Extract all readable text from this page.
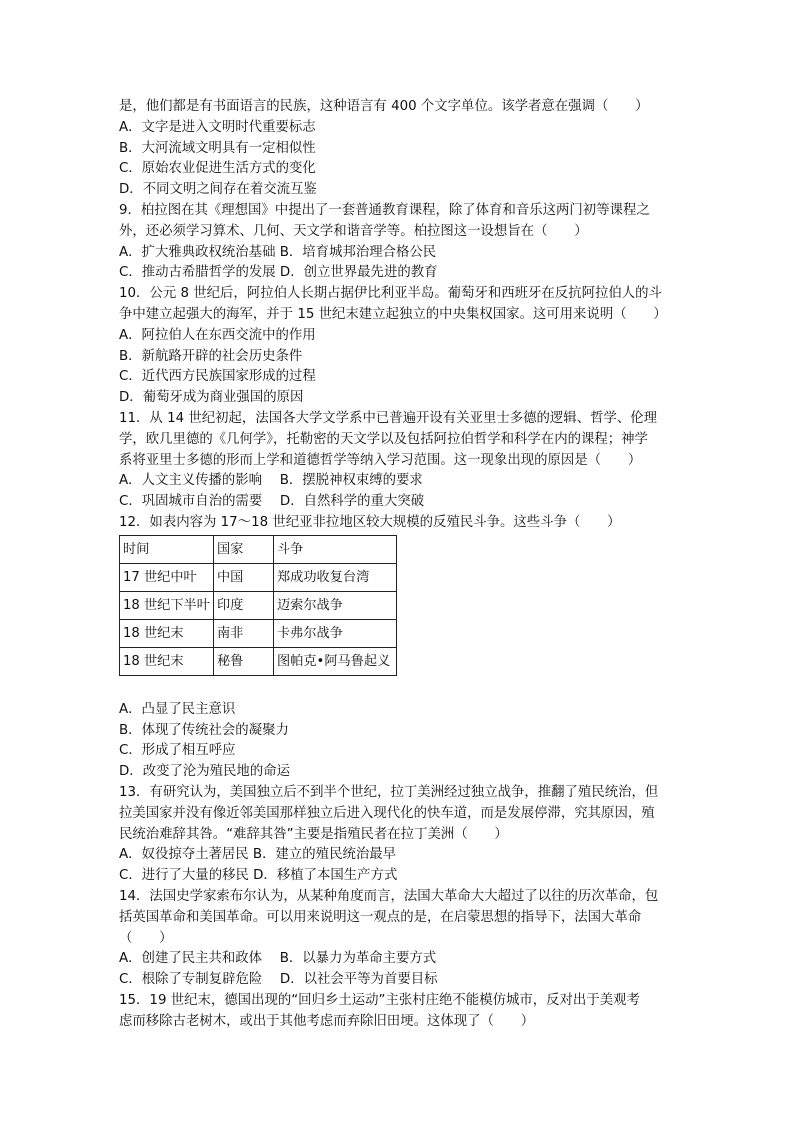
是，他们都是有书面语言的民族，这种语言有 400 个文字单位。该学者意在强调（　　）
A．文字是进入文明时代重要标志
B．大河流域文明具有一定相似性
C．原始农业促进生活方式的变化
D．不同文明之间存在着交流互鉴
9．柏拉图在其《理想国》中提出了一套普通教育课程，除了体育和音乐这两门初等课程之
外，还必须学习算术、几何、天文学和谐音学等。柏拉图这一设想旨在（　　）
A．扩大雅典政权统治基础 B．培育城邦治理合格公民
C．推动古希腊哲学的发展 D．创立世界最先进的教育
10．公元 8 世纪后，阿拉伯人长期占据伊比利亚半岛。葡萄牙和西班牙在反抗阿拉伯人的斗
争中建立起强大的海军，并于 15 世纪末建立起独立的中央集权国家。这可用来说明（　　）
A．阿拉伯人在东西交流中的作用
B．新航路开辟的社会历史条件
C．近代西方民族国家形成的过程
D．葡萄牙成为商业强国的原因
11．从 14 世纪初起，法国各大学文学系中已普遍开设有关亚里士多德的逻辑、哲学、伦理
学，欧几里德的《几何学》，托勒密的天文学以及包括阿拉伯哲学和科学在内的课程；神学
系将亚里士多德的形而上学和道德哲学等纳入学习范围。这一现象出现的原因是（　　）
A．人文主义传播的影响　 B．摆脱神权束缚的要求
C．巩固城市自治的需要　 D．自然科学的重大突破
12．如表内容为 17～18 世纪亚非拉地区较大规模的反殖民斗争。这些斗争（　　）
时间	国家	斗争
17 世纪中叶	中国	郑成功收复台湾
18 世纪下半叶	印度	迈索尔战争
18 世纪末	南非	卡弗尔战争
18 世纪末	秘鲁	图帕克•阿马鲁起义
A．凸显了民主意识
B．体现了传统社会的凝聚力
C．形成了相互呼应
D．改变了沦为殖民地的命运
13．有研究认为，美国独立后不到半个世纪，拉丁美洲经过独立战争，推翻了殖民统治，但
拉美国家并没有像近邻美国那样独立后进入现代化的快车道，而是发展停滞，究其原因，殖
民统治难辞其咎。“难辞其咎”主要是指殖民者在拉丁美洲（　　）
A．奴役掠夺土著居民 B．建立的殖民统治最早
C．进行了大量的移民 D．移植了本国生产方式
14．法国史学家索布尔认为，从某种角度而言，法国大革命大大超过了以往的历次革命，包
括英国革命和美国革命。可以用来说明这一观点的是，在启蒙思想的指导下，法国大革命
（　　）
A．创建了民主共和政体　 B．以暴力为革命主要方式
C．根除了专制复辟危险　 D．以社会平等为首要目标
15．19 世纪末，德国出现的“回归乡土运动”主张村庄绝不能模仿城市，反对出于美观考
虑而移除古老树木，或出于其他考虑而弃除旧田埂。这体现了（　　）
